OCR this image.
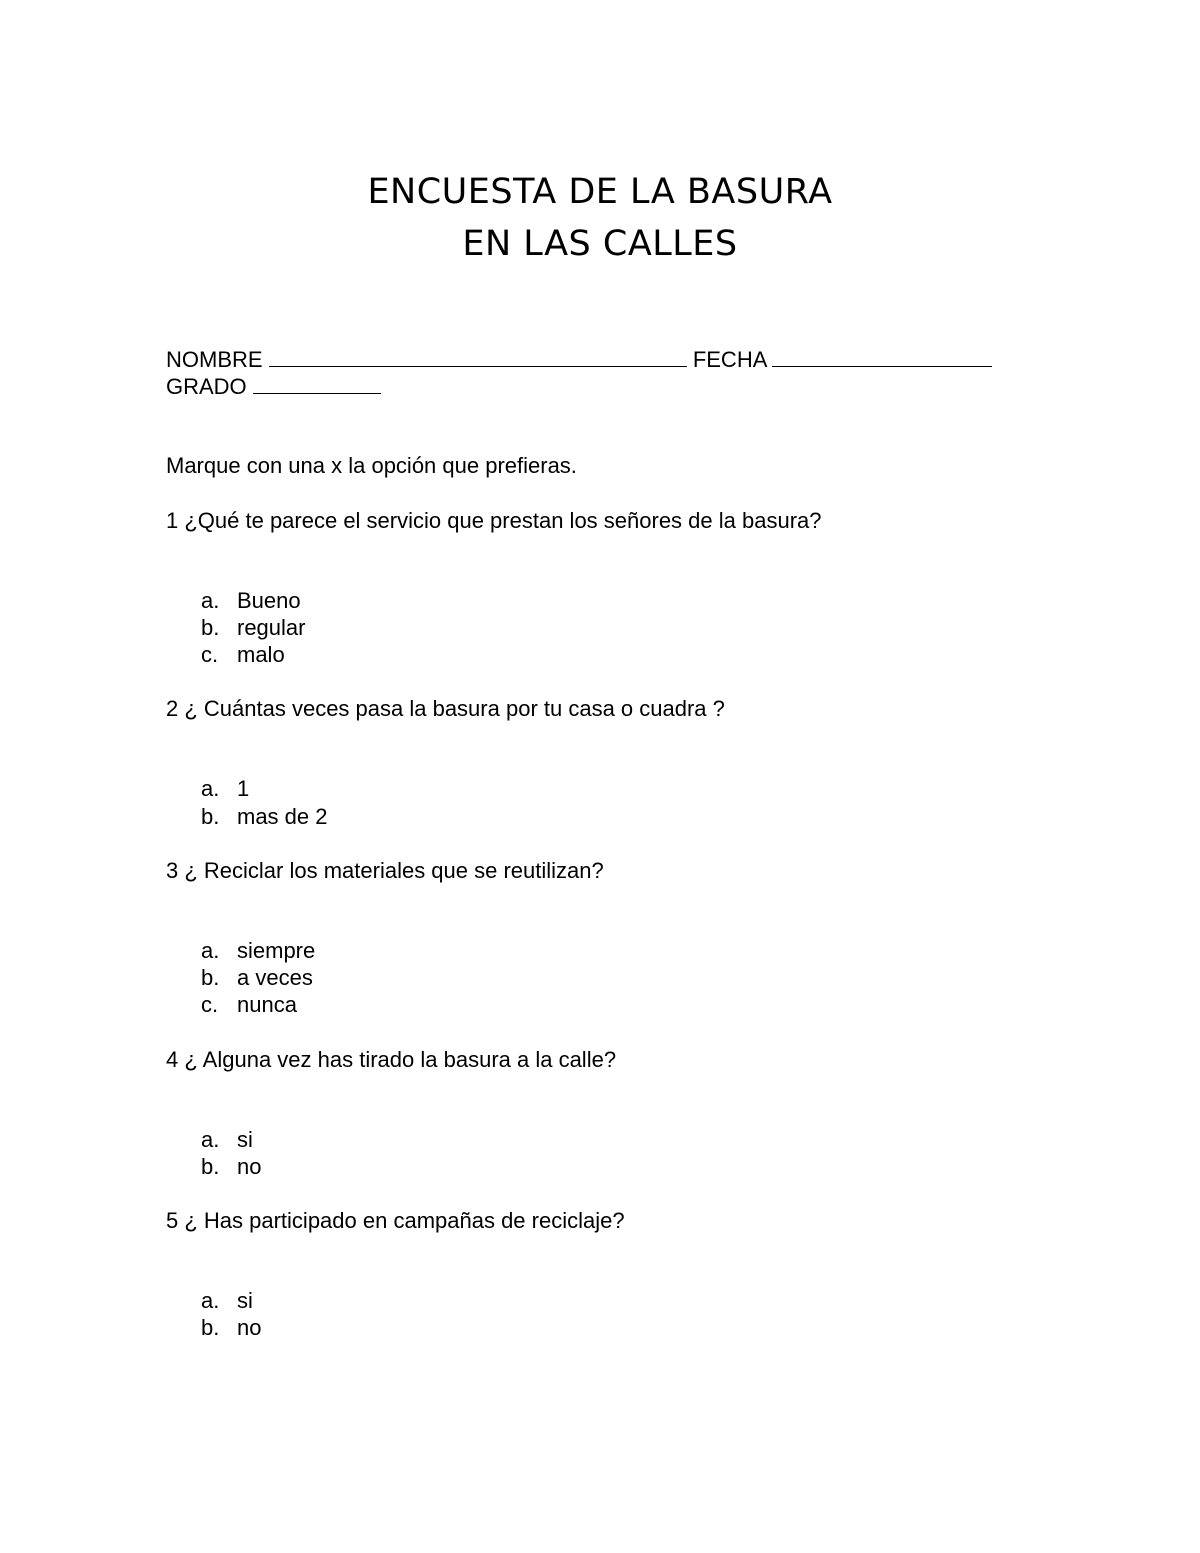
ENCUESTA DE LA BASURA
EN LAS CALLES
NOMBRE	FECHA
GRADO
Marque con una x la opción que prefieras.
1 ¿Qué te parece el servicio que prestan los señores de la basura?
a. Bueno
b. regular
c. malo
2 ¿ Cuántas veces pasa la basura por tu casa o cuadra ?
a. 1
b. mas de 2
3 ¿ Reciclar los materiales que se reutilizan?
a. siempre
b. a veces
c. nunca
4 ¿ Alguna vez has tirado la basura a la calle?
a. si
b. no
5 ¿ Has participado en campañas de reciclaje?
a. si
b. no
